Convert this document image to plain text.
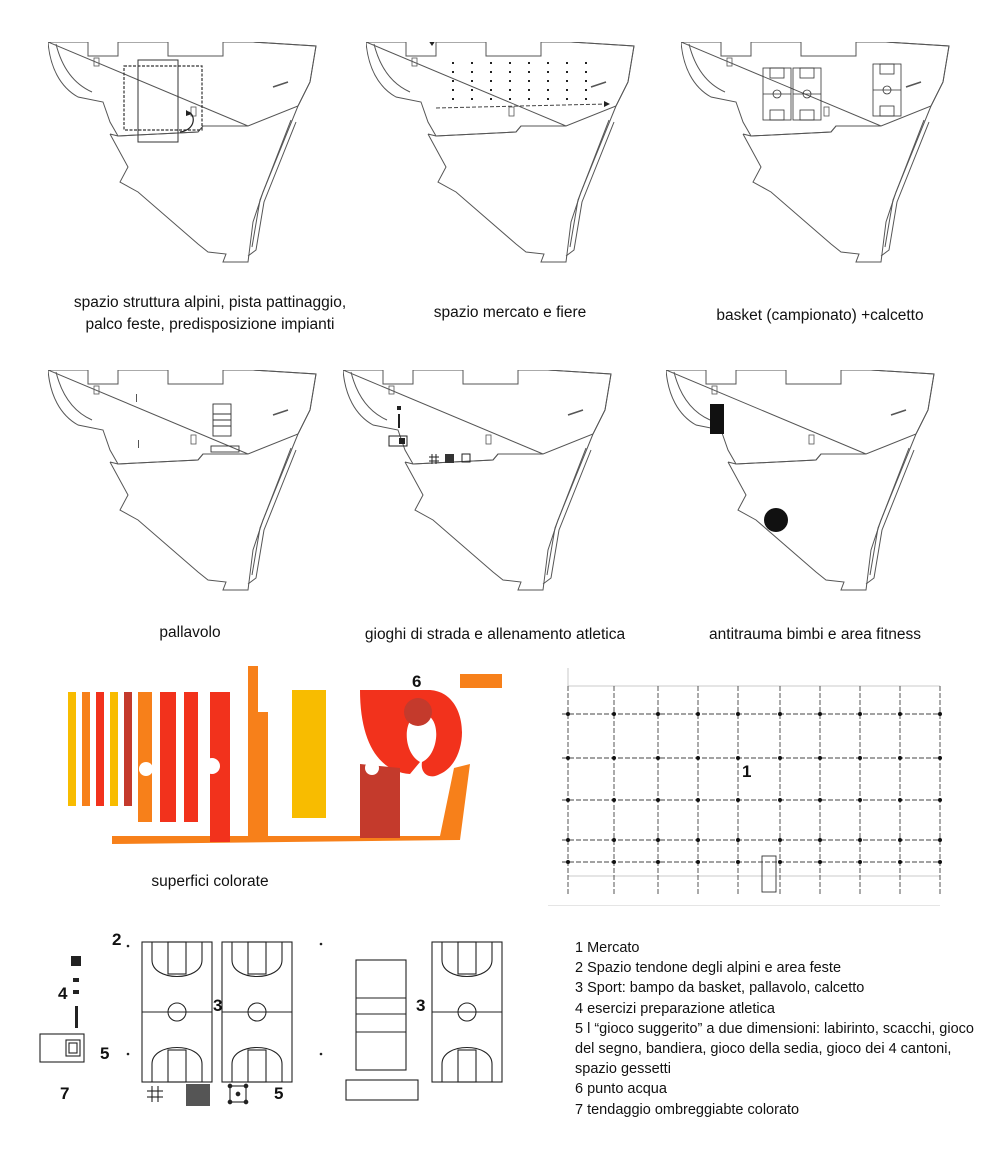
spazio struttura alpini, pista pattinaggio,
palco feste, predisposizione impianti
spazio mercato e fiere	basket (campionato) +calcetto
pallavolo	gioghi di strada e allenamento atletica	antitrauma bimbi e area fitness
6
superfici colorate
1
2
3	3
4
5
5
7
1 Mercato
2 Spazio tendone degli alpini e area feste
3 Sport: bampo da basket, pallavolo, calcetto
4 esercizi preparazione atletica
5 l “gioco suggerito” a due dimensioni: labirinto, scacchi, gioco del segno, bandiera, gioco della sedia, gioco dei 4 cantoni, spazio gessetti
6 punto acqua
7 tendaggio ombreggiabte colorato
